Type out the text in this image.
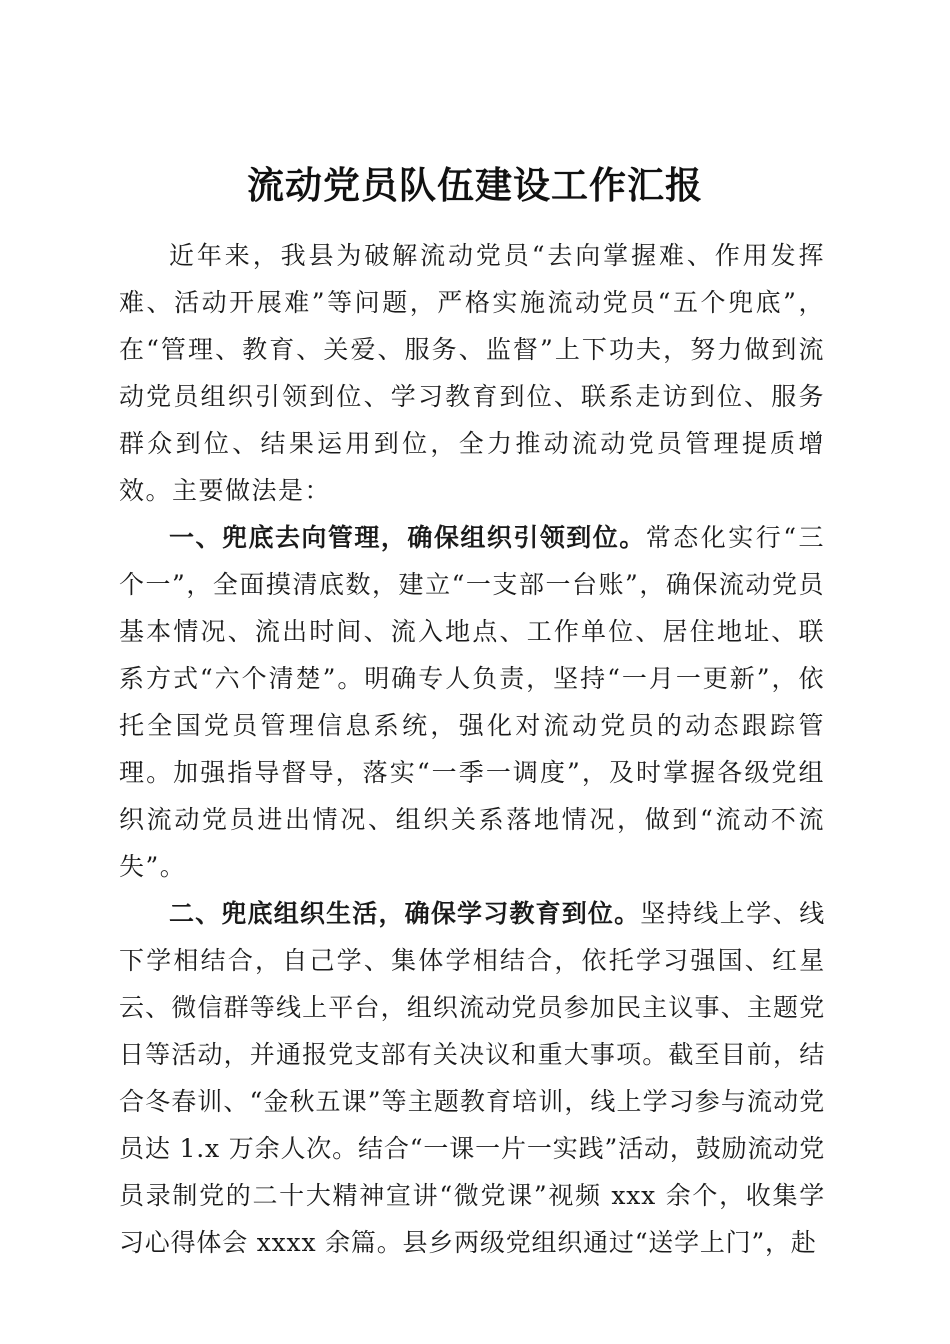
流动党员队伍建设工作汇报

近年来，我县为破解流动党员“去向掌握难、作用发挥难、活动开展难”等问题，严格实施流动党员“五个兜底”，在“管理、教育、关爱、服务、监督”上下功夫，努力做到流动党员组织引领到位、学习教育到位、联系走访到位、服务群众到位、结果运用到位，全力推动流动党员管理提质增效。主要做法是：

一、兜底去向管理，确保组织引领到位。常态化实行“三个一”，全面摸清底数，建立“一支部一台账”，确保流动党员基本情况、流出时间、流入地点、工作单位、居住地址、联系方式“六个清楚”。明确专人负责，坚持“一月一更新”，依托全国党员管理信息系统，强化对流动党员的动态跟踪管理。加强指导督导，落实“一季一调度”，及时掌握各级党组织流动党员进出情况、组织关系落地情况，做到“流动不流失”。

二、兜底组织生活，确保学习教育到位。坚持线上学、线下学相结合，自己学、集体学相结合，依托学习强国、红星云、微信群等线上平台，组织流动党员参加民主议事、主题党日等活动，并通报党支部有关决议和重大事项。截至目前，结合冬春训、“金秋五课”等主题教育培训，线上学习参与流动党员达 1.x 万余人次。结合“一课一片一实践”活动，鼓励流动党员录制党的二十大精神宣讲“微党课”视频 xxx 余个，收集学习心得体会 xxxx 余篇。县乡两级党组织通过“送学上门”，赴
